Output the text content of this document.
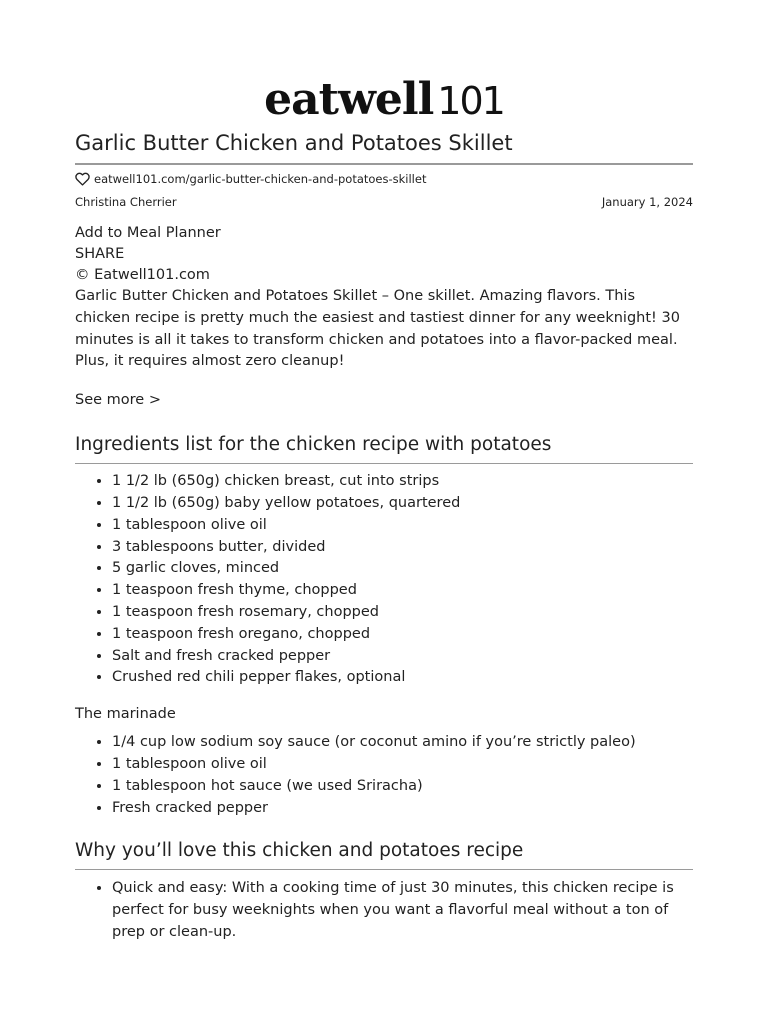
eatwell 101
Garlic Butter Chicken and Potatoes Skillet
eatwell101.com/garlic-butter-chicken-and-potatoes-skillet
Christina Cherrier	January 1, 2024
Add to Meal Planner
SHARE
© Eatwell101.com

Garlic Butter Chicken and Potatoes Skillet – One skillet. Amazing flavors. This chicken recipe is pretty much the easiest and tastiest dinner for any weeknight! 30 minutes is all it takes to transform chicken and potatoes into a flavor-packed meal. Plus, it requires almost zero cleanup!

See more >
Ingredients list for the chicken recipe with potatoes
• 1 1/2 lb (650g) chicken breast, cut into strips
• 1 1/2 lb (650g) baby yellow potatoes, quartered
• 1 tablespoon olive oil
• 3 tablespoons butter, divided
• 5 garlic cloves, minced
• 1 teaspoon fresh thyme, chopped
• 1 teaspoon fresh rosemary, chopped
• 1 teaspoon fresh oregano, chopped
• Salt and fresh cracked pepper
• Crushed red chili pepper flakes, optional
The marinade
• 1/4 cup low sodium soy sauce (or coconut amino if you’re strictly paleo)
• 1 tablespoon olive oil
• 1 tablespoon hot sauce (we used Sriracha)
• Fresh cracked pepper
Why you’ll love this chicken and potatoes recipe
• Quick and easy: With a cooking time of just 30 minutes, this chicken recipe is perfect for busy weeknights when you want a flavorful meal without a ton of prep or clean-up.
